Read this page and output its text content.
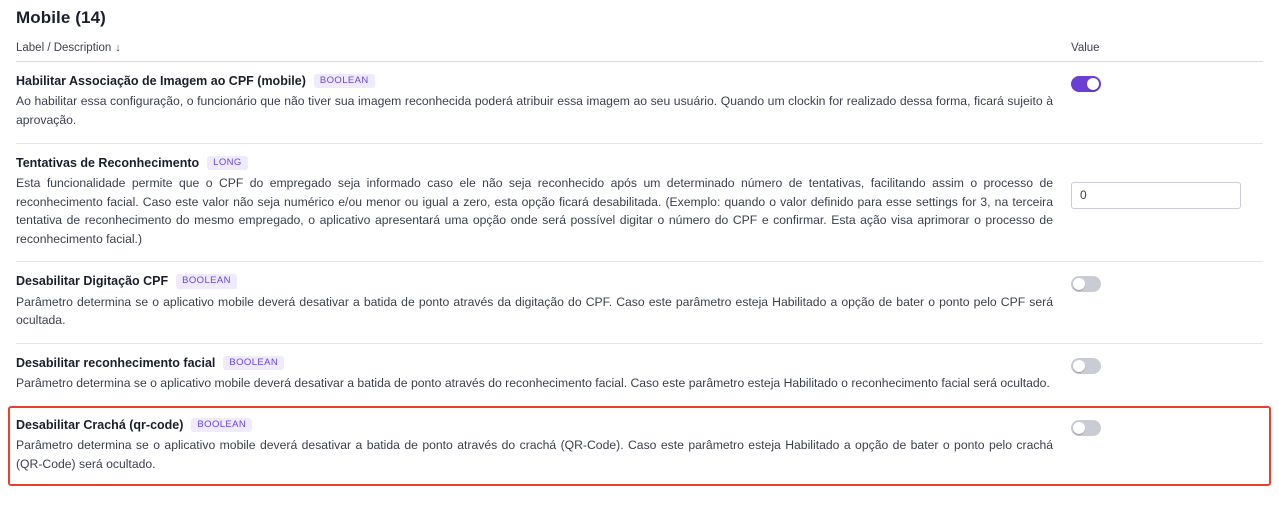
Mobile (14)
Label / Description ↓	Value
Habilitar Associação de Imagem ao CPF (mobile)	BOOLEAN
Ao habilitar essa configuração, o funcionário que não tiver sua imagem reconhecida poderá atribuir essa imagem ao seu usuário. Quando um clockin for realizado dessa forma, ficará sujeito à aprovação.
Tentativas de Reconhecimento	LONG
Esta funcionalidade permite que o CPF do empregado seja informado caso ele não seja reconhecido após um determinado número de tentativas, facilitando assim o processo de reconhecimento facial. Caso este valor não seja numérico e/ou menor ou igual a zero, esta opção ficará desabilitada. (Exemplo: quando o valor definido para esse settings for 3, na terceira tentativa de reconhecimento do mesmo empregado, o aplicativo apresentará uma opção onde será possível digitar o número do CPF e confirmar. Esta ação visa aprimorar o processo de reconhecimento facial.)
0
Desabilitar Digitação CPF	BOOLEAN
Parâmetro determina se o aplicativo mobile deverá desativar a batida de ponto através da digitação do CPF. Caso este parâmetro esteja Habilitado a opção de bater o ponto pelo CPF será ocultada.
Desabilitar reconhecimento facial	BOOLEAN
Parâmetro determina se o aplicativo mobile deverá desativar a batida de ponto através do reconhecimento facial. Caso este parâmetro esteja Habilitado o reconhecimento facial será ocultado.
Desabilitar Crachá (qr-code)	BOOLEAN
Parâmetro determina se o aplicativo mobile deverá desativar a batida de ponto através do crachá (QR-Code). Caso este parâmetro esteja Habilitado a opção de bater o ponto pelo crachá (QR-Code) será ocultado.
